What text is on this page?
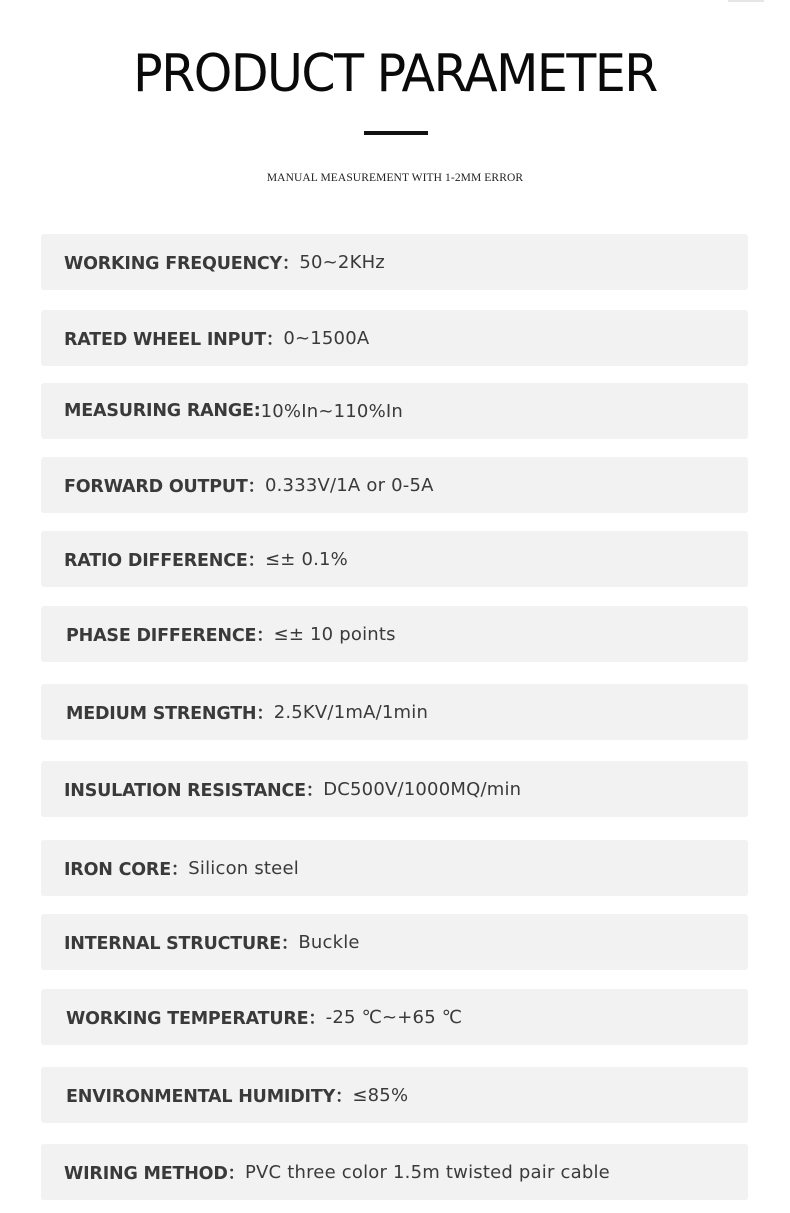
PRODUCT PARAMETER
MANUAL MEASUREMENT WITH 1-2MM ERROR
WORKING FREQUENCY： 50~2KHz
RATED WHEEL INPUT： 0~1500A
MEASURING RANGE: 10%In~110%In
FORWARD OUTPUT： 0.333V/1A or 0-5A
RATIO DIFFERENCE： ≤± 0.1%
PHASE DIFFERENCE： ≤± 10 points
MEDIUM STRENGTH： 2.5KV/1mA/1min
INSULATION RESISTANCE： DC500V/1000MQ/min
IRON CORE： Silicon steel
INTERNAL STRUCTURE： Buckle
WORKING TEMPERATURE： -25 ℃~+65 ℃
ENVIRONMENTAL HUMIDITY： ≤85%
WIRING METHOD： PVC three color 1.5m twisted pair cable
